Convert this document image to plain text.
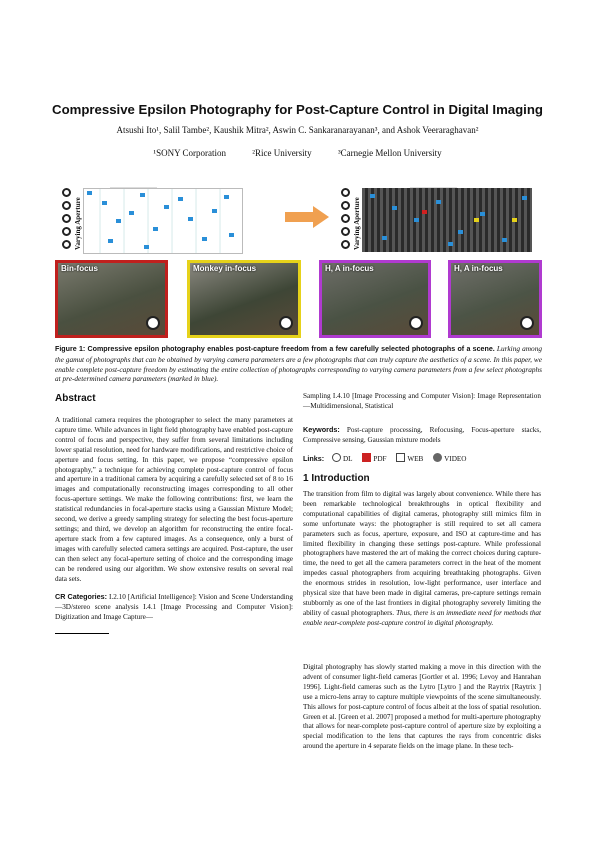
Compressive Epsilon Photography for Post-Capture Control in Digital Imaging
Atsushi Ito¹, Salil Tambe², Kaushik Mitra², Aswin C. Sankaranarayanan³, and Ashok Veeraraghavan²
¹SONY Corporation	²Rice University	³Carnegie Mellon University
Varying Aperture	Varying Aperture
Bin-focus	Monkey in-focus	H, A in-focus	H, A in-focus
Figure 1: Compressive epsilon photography enables post-capture freedom from a few carefully selected photographs of a scene. Lurking among the gamut of photographs that can be obtained by varying camera parameters are a few photographs that can truly capture the aesthetics of a scene. In this paper, we enable complete post-capture freedom by estimating the entire collection of photographs corresponding to varying camera parameters from a few select photographs at pre-determined camera parameters (marked in blue).
Abstract
A traditional camera requires the photographer to select the many parameters at capture time. While advances in light field photography have enabled post-capture control of focus and perspective, they suffer from several limitations including lower spatial resolution, need for hardware modifications, and restrictive choice of aperture and focus setting. In this paper, we propose “compressive epsilon photography,” a technique for achieving complete post-capture control of focus and aperture in a traditional camera by acquiring a carefully selected set of 8 to 16 images and computationally reconstructing images corresponding to all other focus-aperture settings. We make the following contributions: first, we learn the statistical redundancies in focal-aperture stacks using a Gaussian Mixture Model; second, we derive a greedy sampling strategy for selecting the best focus-aperture settings; and third, we develop an algorithm for reconstructing the entire focal-aperture stack from a few captured images. As a consequence, only a burst of images with carefully selected camera settings are acquired. Post-capture, the user can then select any focal-aperture setting of choice and the corresponding image can be rendered using our algorithm. We show extensive results on several real data sets.
CR Categories: I.2.10 [Artificial Intelligence]: Vision and Scene Understanding—3D/stereo scene analysis I.4.1 [Image Processing and Computer Vision]: Digitization and Image Capture—
Sampling I.4.10 [Image Processing and Computer Vision]: Image Representation—Multidimensional, Statistical
Keywords: Post-capture processing, Refocusing, Focus-aperture stacks, Compressive sensing, Gaussian mixture models
Links:	DL	PDF	WEB	VIDEO
1 Introduction
The transition from film to digital was largely about convenience. While there has been remarkable technological breakthroughs in optical flexibility and computational capabilities of digital cameras, photography still mimics film in some unfortunate ways: the photographer is still required to set all camera parameters such as focus, aperture, exposure, and ISO at capture-time and has limited flexibility in changing these settings post-capture. While professional photographers have mastered the art of making the correct choices during capture-time, the need to get all the camera parameters correct in the heat of the moment impedes casual photographers from acquiring breathtaking photographs. Given the enormous strides in resolution, low-light performance, user interface and physical size that have been made in digital cameras, pre-capture settings remain stubbornly as one of the last frontiers in digital photography severely limiting the ability of casual photographers. Thus, there is an immediate need for methods that enable near-complete post-capture control in digital photography.
Digital photography has slowly started making a move in this direction with the advent of consumer light-field cameras [Gortler et al. 1996; Levoy and Hanrahan 1996]. Light-field cameras such as the Lytro [Lytro ] and the Raytrix [Raytrix ] use a micro-lens array to capture multiple viewpoints of the scene simultaneously. This allows for post-capture control of focus albeit at the loss of spatial resolution. Green et al. [Green et al. 2007] proposed a method for multi-aperture photography that allows for near-complete post-capture control of aperture size by exploiting a special modification to the lens that captures the rays from concentric disks around the aperture in 4 separate fields on the image plane. In these tech-
